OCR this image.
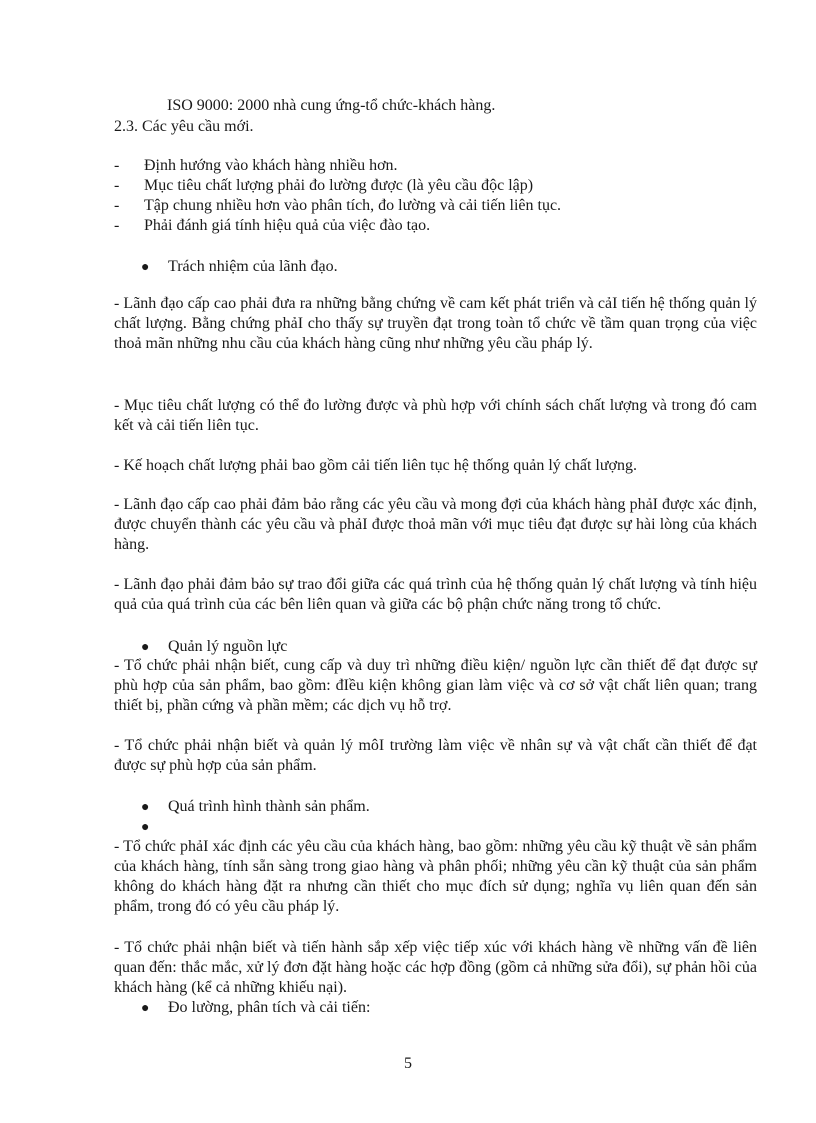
ISO 9000: 2000 nhà cung ứng-tổ chức-khách hàng.
2.3. Các yêu cầu mới.
- Định hướng vào khách hàng nhiều hơn.
- Mục tiêu chất lượng phải đo lường được (là yêu cầu độc lập)
- Tập chung nhiều hơn vào phân tích, đo lường và cải tiến liên tục.
- Phải đánh giá tính hiệu quả của việc đào tạo.
● Trách nhiệm của lãnh đạo.
- Lãnh đạo cấp cao phải đưa ra những bằng chứng về cam kết phát triển và cảI tiến hệ thống quản lý chất lượng. Bằng chứng phảI cho thấy sự truyền đạt trong toàn tổ chức về tầm quan trọng của việc thoả mãn những nhu cầu của khách hàng cũng như những yêu cầu pháp lý.
- Mục tiêu chất lượng có thể đo lường được và phù hợp với chính sách chất lượng và trong đó cam kết và cải tiến liên tục.
- Kế hoạch chất lượng phải bao gồm cải tiến liên tục hệ thống quản lý chất lượng.
- Lãnh đạo cấp cao phải đảm bảo rằng các yêu cầu và mong đợi của khách hàng phảI được xác định, được chuyển thành các yêu cầu và phảI được thoả mãn với mục tiêu đạt được sự hài lòng của khách hàng.
- Lãnh đạo phải đảm bảo sự trao đổi giữa các quá trình của hệ thống quản lý chất lượng và tính hiệu quả của quá trình của các bên liên quan và giữa các bộ phận chức năng trong tổ chức.
● Quản lý nguồn lực
- Tổ chức phải nhận biết, cung cấp và duy trì những điều kiện/ nguồn lực cần thiết để đạt được sự phù hợp của sản phẩm, bao gồm: đIều kiện không gian làm việc và cơ sở vật chất liên quan; trang thiết bị, phần cứng và phần mềm; các dịch vụ hỗ trợ.
- Tổ chức phải nhận biết và quản lý môI trường làm việc về nhân sự và vật chất cần thiết để đạt được sự phù hợp của sản phẩm.
● Quá trình hình thành sản phẩm.
●
- Tổ chức phảI xác định các yêu cầu của khách hàng, bao gồm: những yêu cầu kỹ thuật về sản phẩm của khách hàng, tính sẵn sàng trong giao hàng và phân phối; những yêu cần kỹ thuật của sản phẩm không do khách hàng đặt ra nhưng cần thiết cho mục đích sử dụng; nghĩa vụ liên quan đến sản phẩm, trong đó có yêu cầu pháp lý.
- Tổ chức phải nhận biết và tiến hành sắp xếp việc tiếp xúc với khách hàng về những vấn đề liên quan đến: thắc mắc, xử lý đơn đặt hàng hoặc các hợp đồng (gồm cả những sửa đổi), sự phản hồi của khách hàng (kể cả những khiếu nại).
● Đo lường, phân tích và cải tiến:
5
